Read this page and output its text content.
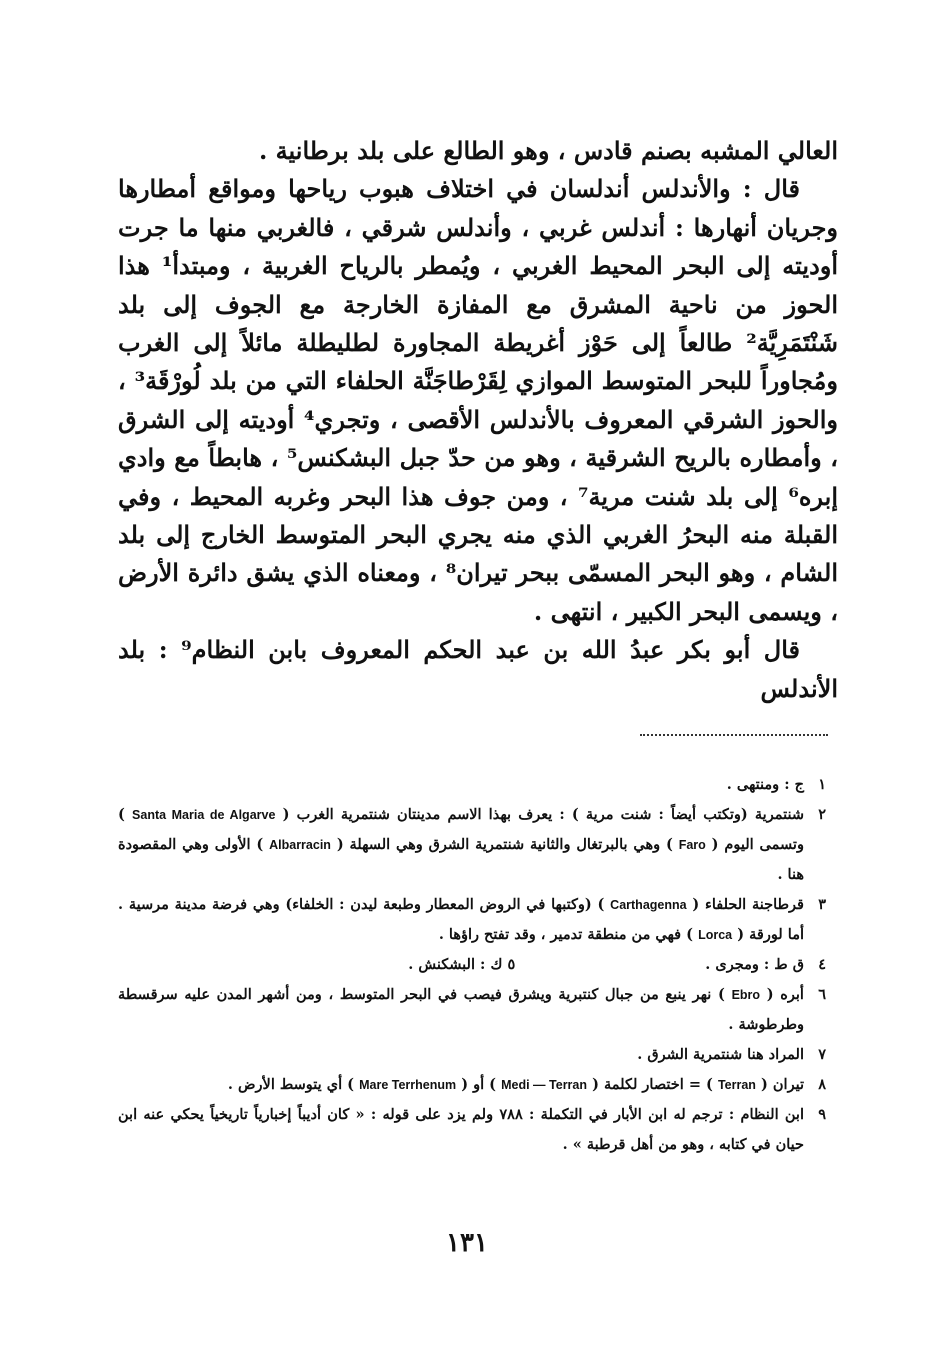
العالي المشبه بصنم قادس ، وهو الطالع على بلد برطانية .

قال : والأندلس أندلسان في اختلاف هبوب رياحها ومواقع أمطارها وجريان أنهارها : أندلس غربي ، وأندلس شرقي ، فالغربي منها ما جرت أوديته إلى البحر المحيط الغربي ، ويُمطر بالرياح الغربية ، ومبتدأ¹ هذا الحوز من ناحية المشرق مع المفازة الخارجة مع الجوف إلى بلد شَنْتَمَرِيَّة² طالعاً إلى حَوْز أغريطة المجاورة لطليطلة مائلاً إلى الغرب ومُجاوراً للبحر المتوسط الموازي لِقَرْطاجَنَّة الحلفاء التي من بلد لُورْقَة³ ، والحوز الشرقي المعروف بالأندلس الأقصى ، وتجري⁴ أوديته إلى الشرق ، وأمطاره بالريح الشرقية ، وهو من حدّ جبل البشكنس⁵ ، هابطاً مع وادي إبره⁶ إلى بلد شنت مرية⁷ ، ومن جوف هذا البحر وغربه المحيط ، وفي القبلة منه البحرُ الغربي الذي منه يجري البحر المتوسط الخارج إلى بلد الشام ، وهو البحر المسمّى ببحر تيران⁸ ، ومعناه الذي يشق دائرة الأرض ، ويسمى البحر الكبير ، انتهى .

قال أبو بكر عبدُ الله بن عبد الحكم المعروف بابن النظام⁹ : بلد الأندلس

١
ج : ومنتهى .
٢
شنتمرية (وتكتب أيضاً : شنت مرية ) : يعرف بهذا الاسم مدينتان شنتمرية الغرب ( Santa Maria de Algarve ) وتسمى اليوم ( Faro ) وهي بالبرتغال والثانية شنتمرية الشرق وهي السهلة ( Albarracin ) الأولى وهي المقصودة هنا .
٣
قرطاجنة الحلفاء ( Carthagenna ) (وكتبها في الروض المعطار وطبعة ليدن : الخلفاء) وهي فرضة مدينة مرسية . أما لورقة ( Lorca ) فهي من منطقة تدمير ، وقد تفتح راؤها .
٤
ق ط : ومجرى .٥ ك : البشكنش .
٦
أبره ( Ebro ) نهر ينبع من جبال كنتبرية ويشرق فيصب في البحر المتوسط ، ومن أشهر المدن عليه سرقسطة وطرطوشة .
٧
المراد هنا شنتمرية الشرق .
٨
تيران ( Terran ) = اختصار لكلمة ( Medi — Terran ) أو ( Mare Terrhenum ) أي يتوسط الأرض .
٩
ابن النظام : ترجم له ابن الأبار في التكملة : ٧٨٨ ولم يزد على قوله : « كان أديباً إخبارياً تاريخياً يحكي عنه ابن حيان في كتابه ، وهو من أهل قرطبة » .
١٣١
